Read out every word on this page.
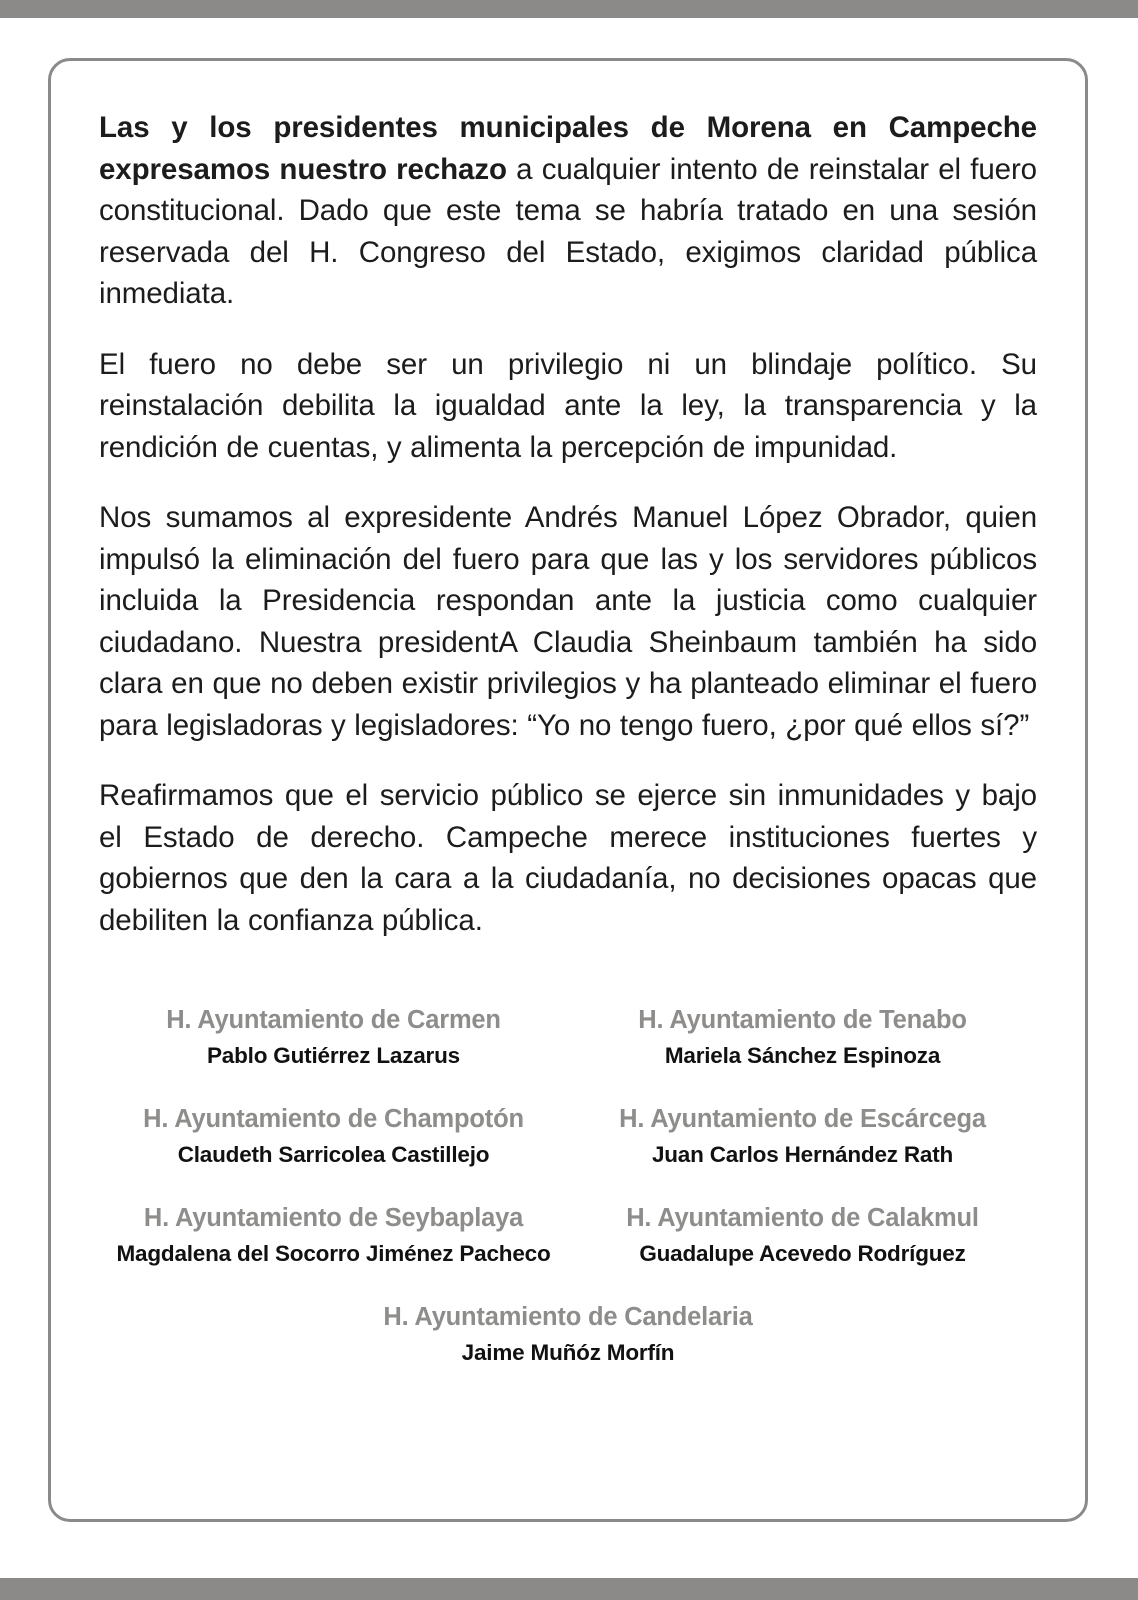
Las y los presidentes municipales de Morena en Campeche expresamos nuestro rechazo a cualquier intento de reinstalar el fuero constitucional. Dado que este tema se habría tratado en una sesión reservada del H. Congreso del Estado, exigimos claridad pública inmediata.

El fuero no debe ser un privilegio ni un blindaje político. Su reinstalación debilita la igualdad ante la ley, la transparencia y la rendición de cuentas, y alimenta la percepción de impunidad.

Nos sumamos al expresidente Andrés Manuel López Obrador, quien impulsó la eliminación del fuero para que las y los servidores públicos incluida la Presidencia respondan ante la justicia como cualquier ciudadano. Nuestra presidentA Claudia Sheinbaum también ha sido clara en que no deben existir privilegios y ha planteado eliminar el fuero para legisladoras y legisladores: “Yo no tengo fuero, ¿por qué ellos sí?”

Reafirmamos que el servicio público se ejerce sin inmunidades y bajo el Estado de derecho. Campeche merece instituciones fuertes y gobiernos que den la cara a la ciudadanía, no decisiones opacas que debiliten la confianza pública.

H. Ayuntamiento de Carmen
Pablo Gutiérrez Lazarus
H. Ayuntamiento de Tenabo
Mariela Sánchez Espinoza
H. Ayuntamiento de Champotón
Claudeth Sarricolea Castillejo
H. Ayuntamiento de Escárcega
Juan Carlos Hernández Rath
H. Ayuntamiento de Seybaplaya
Magdalena del Socorro Jiménez Pacheco
H. Ayuntamiento de Calakmul
Guadalupe Acevedo Rodríguez
H. Ayuntamiento de Candelaria
Jaime Muñóz Morfín
